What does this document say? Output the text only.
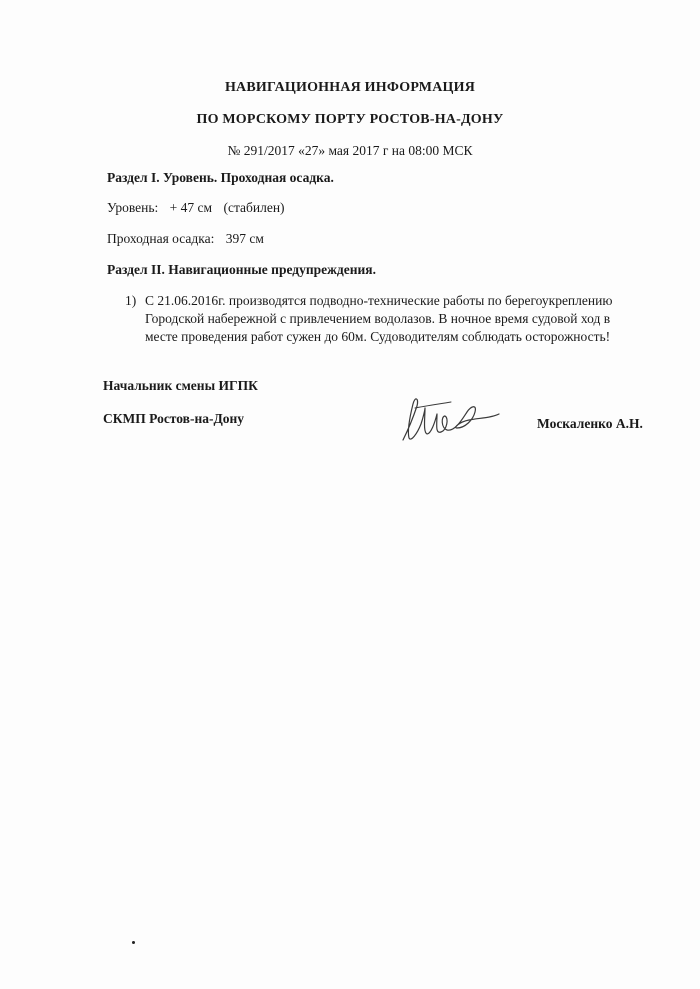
НАВИГАЦИОННАЯ ИНФОРМАЦИЯ
ПО МОРСКОМУ ПОРТУ РОСТОВ-НА-ДОНУ
№ 291/2017 «27» мая 2017 г на 08:00 МСК
Раздел I. Уровень. Проходная осадка.
Уровень: + 47 см (стабилен)
Проходная осадка: 397 см
Раздел II. Навигационные предупреждения.
1) С 21.06.2016г. производятся подводно-технические работы по берегоукреплению Городской набережной с привлечением водолазов. В ночное время судовой ход в месте проведения работ сужен до 60м. Судоводителям соблюдать осторожность!
Начальник смены ИГПК
СКМП Ростов-на-Дону	Москаленко А.Н.
